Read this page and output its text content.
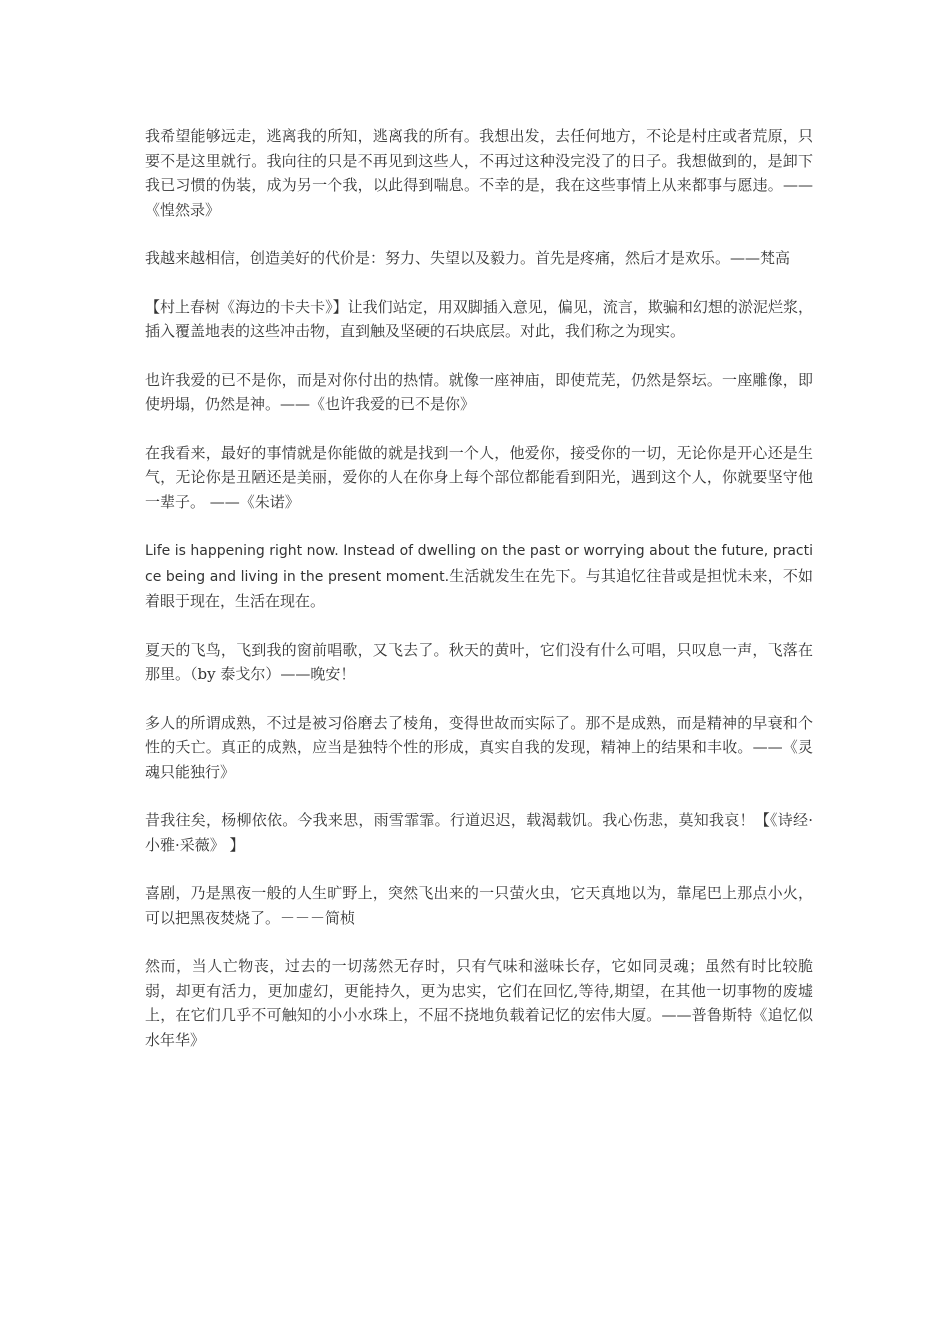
我希望能够远走，逃离我的所知，逃离我的所有。我想出发，去任何地方，不论是村庄或者荒原，只要不是这里就行。我向往的只是不再见到这些人，不再过这种没完没了的日子。我想做到的，是卸下我已习惯的伪装，成为另一个我，以此得到喘息。不幸的是，我在这些事情上从来都事与愿违。——《惶然录》

我越来越相信，创造美好的代价是：努力、失望以及毅力。首先是疼痛，然后才是欢乐。——梵高

【村上春树《海边的卡夫卡》】让我们站定，用双脚插入意见，偏见，流言，欺骗和幻想的淤泥烂浆，插入覆盖地表的这些冲击物，直到触及坚硬的石块底层。对此，我们称之为现实。

也许我爱的已不是你，而是对你付出的热情。就像一座神庙，即使荒芜，仍然是祭坛。一座雕像，即使坍塌，仍然是神。——《也许我爱的已不是你》

在我看来，最好的事情就是你能做的就是找到一个人，他爱你，接受你的一切，无论你是开心还是生气，无论你是丑陋还是美丽，爱你的人在你身上每个部位都能看到阳光，遇到这个人，你就要坚守他一辈子。 ——《朱诺》

Life is happening right now. Instead of dwelling on the past or worrying about the future, practice being and living in the present moment.生活就发生在先下。与其追忆往昔或是担忧未来，不如着眼于现在，生活在现在。

夏天的飞鸟，飞到我的窗前唱歌，又飞去了。秋天的黄叶，它们没有什么可唱，只叹息一声，飞落在那里。（by 泰戈尔）——晚安！

多人的所谓成熟，不过是被习俗磨去了棱角，变得世故而实际了。那不是成熟，而是精神的早衰和个性的夭亡。真正的成熟，应当是独特个性的形成，真实自我的发现，精神上的结果和丰收。——《灵魂只能独行》

昔我往矣，杨柳依依。今我来思，雨雪霏霏。行道迟迟，载渴载饥。我心伤悲，莫知我哀！【《诗经·小雅·采薇》 】

喜剧，乃是黑夜一般的人生旷野上，突然飞出来的一只萤火虫，它天真地以为，靠尾巴上那点小火，可以把黑夜焚烧了。－－－简桢

然而，当人亡物丧，过去的一切荡然无存时，只有气味和滋味长存，它如同灵魂；虽然有时比较脆弱，却更有活力，更加虚幻，更能持久，更为忠实，它们在回忆,等待,期望，在其他一切事物的废墟上，在它们几乎不可触知的小小水珠上，不屈不挠地负载着记忆的宏伟大厦。——普鲁斯特《追忆似水年华》
